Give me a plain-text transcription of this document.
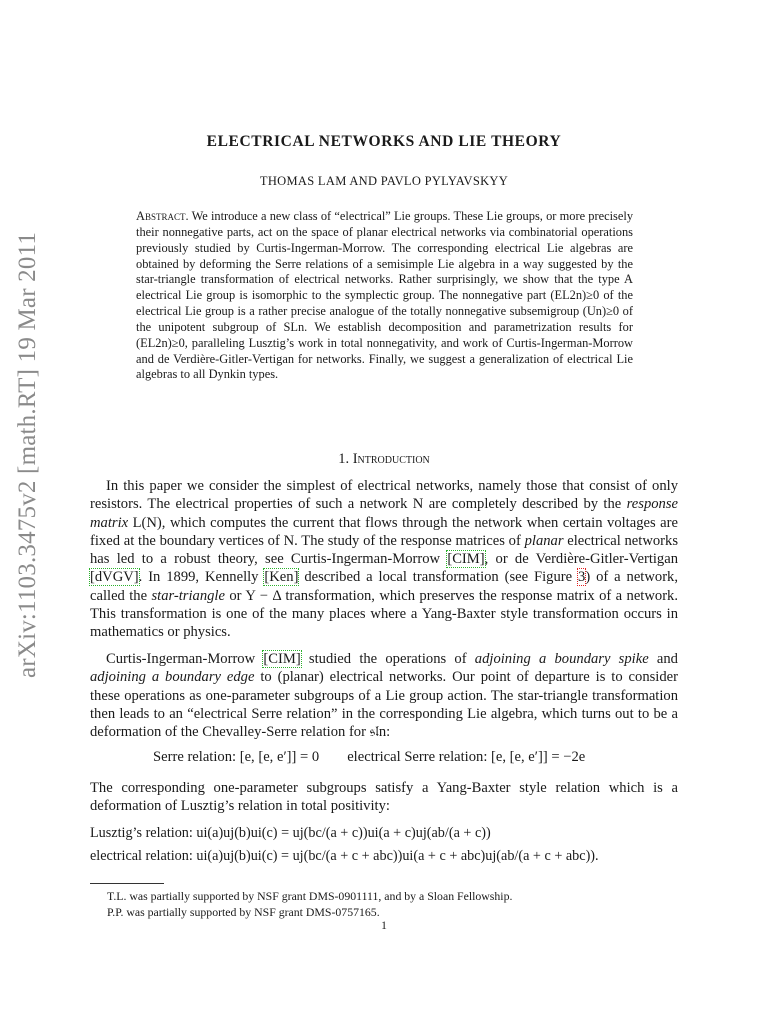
arXiv:1103.3475v2 [math.RT] 19 Mar 2011
ELECTRICAL NETWORKS AND LIE THEORY
THOMAS LAM AND PAVLO PYLYAVSKYY
Abstract. We introduce a new class of “electrical” Lie groups. These Lie groups, or more precisely their nonnegative parts, act on the space of planar electrical networks via combinatorial operations previously studied by Curtis-Ingerman-Morrow. The corresponding electrical Lie algebras are obtained by deforming the Serre relations of a semisimple Lie algebra in a way suggested by the star-triangle transformation of electrical networks. Rather surprisingly, we show that the type A electrical Lie group is isomorphic to the symplectic group. The nonnegative part (EL2n)≥0 of the electrical Lie group is a rather precise analogue of the totally nonnegative subsemigroup (Un)≥0 of the unipotent subgroup of SLn. We establish decomposition and parametrization results for (EL2n)≥0, paralleling Lusztig’s work in total nonnegativity, and work of Curtis-Ingerman-Morrow and de Verdière-Gitler-Vertigan for networks. Finally, we suggest a generalization of electrical Lie algebras to all Dynkin types.
1. Introduction
In this paper we consider the simplest of electrical networks, namely those that consist of only resistors. The electrical properties of such a network N are completely described by the response matrix L(N), which computes the current that flows through the network when certain voltages are fixed at the boundary vertices of N. The study of the response matrices of planar electrical networks has led to a robust theory, see Curtis-Ingerman-Morrow [CIM], or de Verdière-Gitler-Vertigan [dVGV]. In 1899, Kennelly [Ken] described a local transformation (see Figure 3) of a network, called the star-triangle or Y − Δ transformation, which preserves the response matrix of a network. This transformation is one of the many places where a Yang-Baxter style transformation occurs in mathematics or physics.
Curtis-Ingerman-Morrow [CIM] studied the operations of adjoining a boundary spike and adjoining a boundary edge to (planar) electrical networks. Our point of departure is to consider these operations as one-parameter subgroups of a Lie group action. The star-triangle transformation then leads to an “electrical Serre relation” in the corresponding Lie algebra, which turns out to be a deformation of the Chevalley-Serre relation for 𝔰𝔩n:
Serre relation: [e, [e, e′]] = 0 electrical Serre relation: [e, [e, e′]] = −2e
The corresponding one-parameter subgroups satisfy a Yang-Baxter style relation which is a deformation of Lusztig’s relation in total positivity:
Lusztig’s relation: ui(a)uj(b)ui(c) = uj(bc/(a + c))ui(a + c)uj(ab/(a + c))
electrical relation: ui(a)uj(b)ui(c) = uj(bc/(a + c + abc))ui(a + c + abc)uj(ab/(a + c + abc)).
T.L. was partially supported by NSF grant DMS-0901111, and by a Sloan Fellowship.
P.P. was partially supported by NSF grant DMS-0757165.
1
